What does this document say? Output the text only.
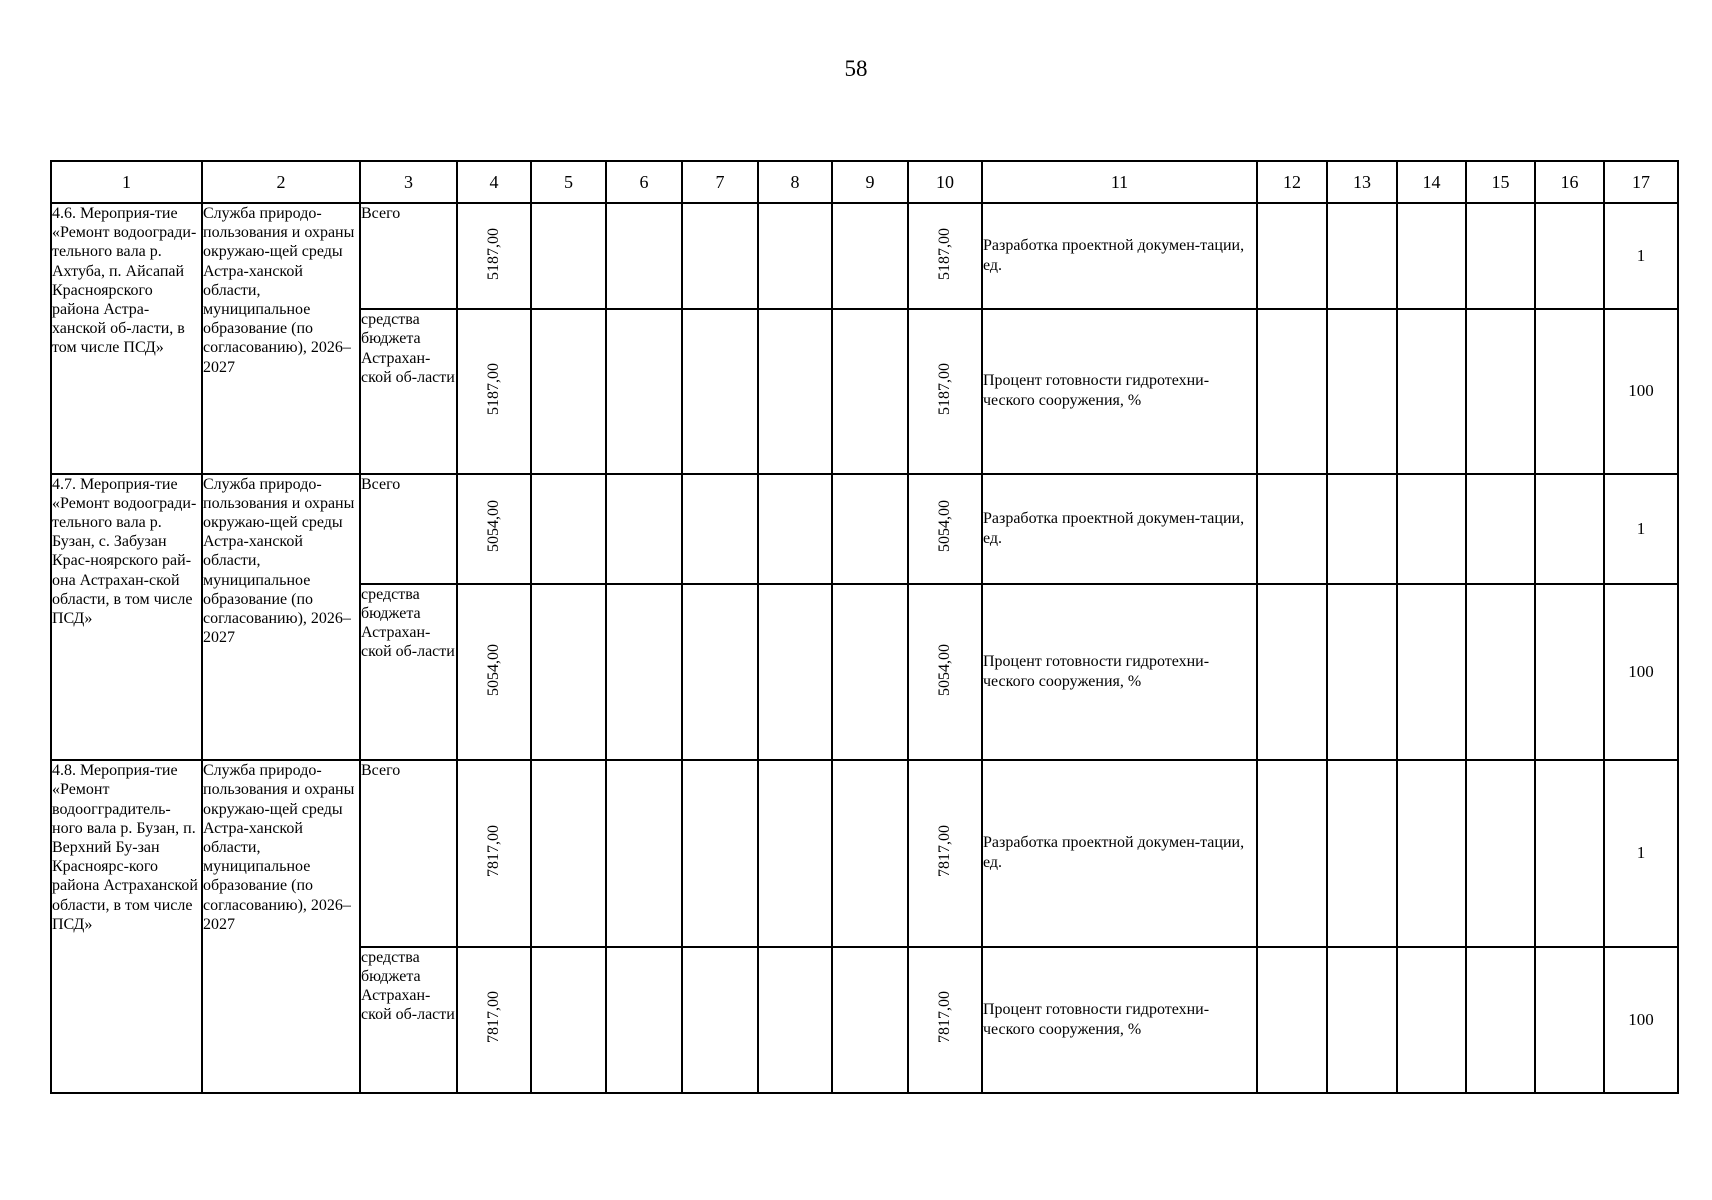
58
1	2	3	4	5	6	7	8	9	10	11	12	13	14	15	16	17
4.6. Мероприя-тие «Ремонт водоогради-тельного вала р. Ахтуба, п. Айсапай Красноярского района Астра-ханской об-ласти, в том числе ПСД»	Служба природо-пользования и охраны окружаю-щей среды Астра-ханской области, муниципальное образование (по согласованию), 2026–2027	Всего	5187,00						5187,00	Разработка проектной докумен-тации, ед.						1
		средства бюджета Астрахан-ской об-ласти	5187,00						5187,00	Процент готовности гидротехни-ческого сооружения, %						100
4.7. Мероприя-тие «Ремонт водоогради-тельного вала р. Бузан, с. Забузан Крас-ноярского рай-она Астрахан-ской области, в том числе ПСД»	Служба природо-пользования и охраны окружаю-щей среды Астра-ханской области, муниципальное образование (по согласованию), 2026–2027	Всего	5054,00						5054,00	Разработка проектной докумен-тации, ед.						1
		средства бюджета Астрахан-ской об-ласти	5054,00						5054,00	Процент готовности гидротехни-ческого сооружения, %						100
4.8. Мероприя-тие «Ремонт водоогградитель-ного вала р. Бузан, п. Верхний Бу-зан Красноярс-кого района Астраханской области, в том числе ПСД»	Служба природо-пользования и охраны окружаю-щей среды Астра-ханской области, муниципальное образование (по согласованию), 2026–2027	Всего	7817,00						7817,00	Разработка проектной докумен-тации, ед.						1
		средства бюджета Астрахан-ской об-ласти	7817,00						7817,00	Процент готовности гидротехни-ческого сооружения, %						100
